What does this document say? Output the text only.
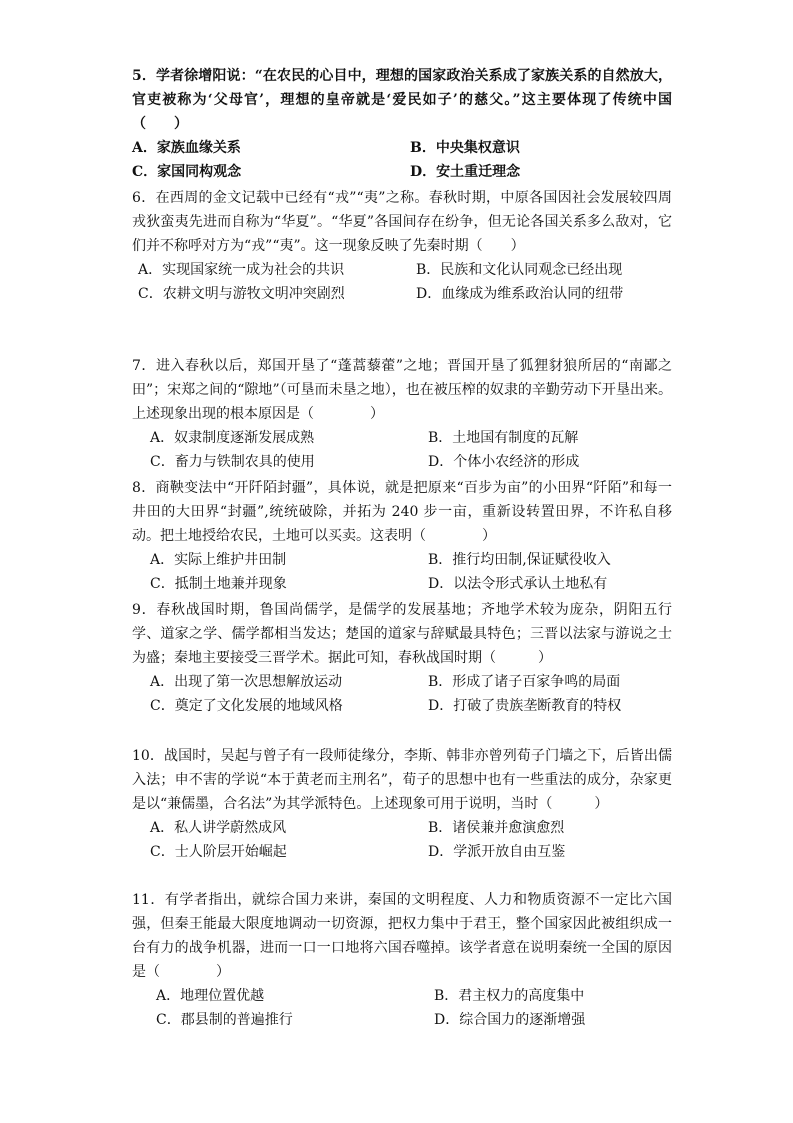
5．学者徐增阳说：“在农民的心目中，理想的国家政治关系成了家族关系的自然放大，官吏被称为‘父母官’，理想的皇帝就是‘爱民如子’的慈父。”这主要体现了传统中国（　　）

A．家族血缘关系	B．中央集权意识
C．家国同构观念	D．安土重迁理念

6．在西周的金文记载中已经有“戎”“夷”之称。春秋时期，中原各国因社会发展较四周戎狄蛮夷先进而自称为“华夏”。“华夏”各国间存在纷争，但无论各国关系多么敌对，它们并不称呼对方为“戎”“夷”。这一现象反映了先秦时期（　　）

A．实现国家统一成为社会的共识	B．民族和文化认同观念已经出现
C．农耕文明与游牧文明冲突剧烈	D．血缘成为维系政治认同的纽带

7．进入春秋以后，郑国开垦了“蓬蒿藜藿”之地；晋国开垦了狐狸豺狼所居的“南鄙之田”；宋郑之间的“隙地”（可垦而未垦之地），也在被压榨的奴隶的辛勤劳动下开垦出来。上述现象出现的根本原因是（　　　　）

A．奴隶制度逐渐发展成熟	B．土地国有制度的瓦解
C．畜力与铁制农具的使用	D．个体小农经济的形成

8．商鞅变法中“开阡陌封疆”，具体说，就是把原来“百步为亩”的小田界“阡陌”和每一井田的大田界“封疆”,统统破除，并拓为 240 步一亩，重新设转置田界，不许私自移动。把土地授给农民，土地可以买卖。这表明（　　　　）

A．实际上维护井田制	B．推行均田制,保证赋役收入
C．抵制土地兼并现象	D．以法令形式承认土地私有

9．春秋战国时期，鲁国尚儒学，是儒学的发展基地；齐地学术较为庞杂，阴阳五行学、道家之学、儒学都相当发达；楚国的道家与辞赋最具特色；三晋以法家与游说之士为盛；秦地主要接受三晋学术。据此可知，春秋战国时期（　　　）

A．出现了第一次思想解放运动	B．形成了诸子百家争鸣的局面
C．奠定了文化发展的地域风格	D．打破了贵族垄断教育的特权

10．战国时，吴起与曾子有一段师徒缘分，李斯、韩非亦曾列荀子门墙之下，后皆出儒入法；申不害的学说“本于黄老而主刑名”，荀子的思想中也有一些重法的成分，杂家更是以“兼儒墨，合名法”为其学派特色。上述现象可用于说明，当时（　　　）

A．私人讲学蔚然成风	B．诸侯兼并愈演愈烈
C．士人阶层开始崛起	D．学派开放自由互鉴

11．有学者指出，就综合国力来讲，秦国的文明程度、人力和物质资源不一定比六国强，但秦王能最大限度地调动一切资源，把权力集中于君王，整个国家因此被组织成一台有力的战争机器，进而一口一口地将六国吞噬掉。该学者意在说明秦统一全国的原因是（　　　　）

A．地理位置优越	B．君主权力的高度集中
C．郡县制的普遍推行	D．综合国力的逐渐增强
